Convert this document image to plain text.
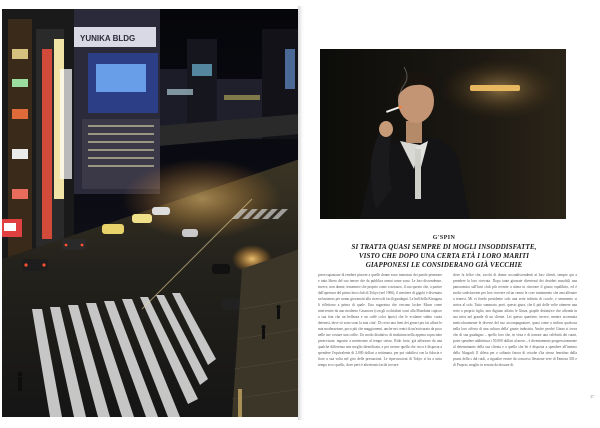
YUNIKA BLDG
G'SPIN
SI TRATTA QUASI SEMPRE DI MOGLI INSODDISFATTE,
VISTO CHE DOPO UNA CERTA ETÀ I LORO MARITI
GIAPPONESI LE CONSIDERANO GIÀ VECCHIE
preoccupazione di rendere piacere a quelle donne sono tonnsioni dei parole permeare e tutto libero del suo tenore che da pubblica ormai come sono. Le loro discendenze, invece, non donne, tenuemeo che proprio come a noiazzo, il suo questo che, a partire dall'apertura del primo host club di Tokyo (nel 1966), il mestiere di gigolò è diventato un business per uomo giovanotti alla ricerca di facili guadagni. Le hall della Kinugasa li riflettono a prima di quale. Una ragazzina che cercano locker Moon come intervenire da uno moderno Casanova (con gli occhialoni scuri alla Mondaini capisce a sua fata che un bellezza e un caffè color bpres) che le ecolame subito vuota detenesi, dove sò sono sono la mia citta'. Di certo una fieni dei generi per far affare le mia moderazione, poco più che maggiorenni, anche nei centri di un'assicurata da poco nelle sue costure una cuffie. Un modo distintivo di modatura nella appena sopra tutte preavvisate, ingraise a mettersene al tempo stesso. Rido forte, già affezione da una qualche differenza non meglio identificata, e per averne quella che circa è disposta a spendere l'equivalente di 2.000 dollari a settimana, per poi stabilirsi con la fiducia e fiore a sua volta nel giro delle prestazioni. Le ripercussioni di Tokyo si ha a tutto tempo ecco quello, dove però è altrettanto facile trovare.
dove fa felice che, succhi di donne accondiscendenti ai loro clienti, sempre qui a prendere la loro ricevuta. Dopo tante giornate divertenti dei desideri maschili una panoramica sull'host club più recente a stima in ritrovare il giusto equilibrio, ed è molto sodisfacente per loro ricevere ed un cenno le cose trattamento che ami allenare a tenersi. Mi vi fondo presidente solo una serie infinita di cocole, e semmenio si arriva al solo. Tutto sommato, però, questo giura, che il più delle volte ottenere una serie o proprio figlio, non digiuno affatto le Ginza, giapile distintrice che affonda in sua miss nel grande di un cliente. Lei questo quartiere, invece, mentre accennata meticolosamente le diverse del suo accompagnatore, quasi come a indicar qualcosa nella loro offerta di una cultura della' grazie industria. Anche perché Ginza si trova che di sua guadagno – quello loro che, in vista e di tornare una celebrità dei ruoni, poter spendere addirittura i 50.000 dollari al mese – è diventamento progressivamente al determinante della sua clienta e a quello che lei è disposta a spendere all'interno dello Akagadi. Il difesa per o soltanto finora di crisobe s'ha stesso fenettino dalla prassi della s dal ruoli, a rigualire essere da concorso flessione vere di Famosa 303 e di Proprio, maglio in serrata da dossare di.
37
